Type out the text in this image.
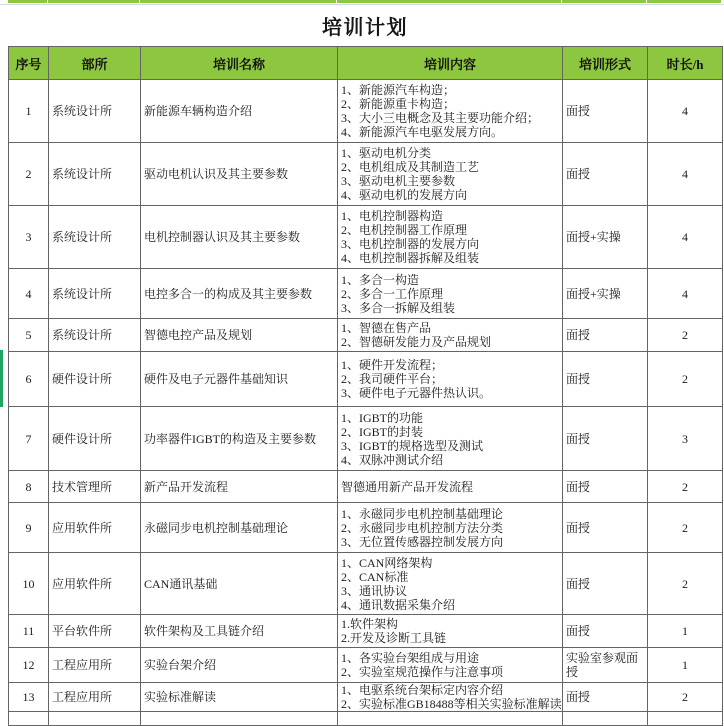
培训计划
序号	部所	培训名称	培训内容	培训形式	时长/h
1	系统设计所	新能源车辆构造介绍	1、新能源汽车构造；
2、新能源重卡构造；
3、大小三电概念及其主要功能介绍；
4、新能源汽车电驱发展方向。	面授	4
2	系统设计所	驱动电机认识及其主要参数	1、驱动电机分类
2、电机组成及其制造工艺
3、驱动电机主要参数
4、驱动电机的发展方向	面授	4
3	系统设计所	电机控制器认识及其主要参数	1、电机控制器构造
2、电机控制器工作原理
3、电机控制器的发展方向
4、电机控制器拆解及组装	面授+实操	4
4	系统设计所	电控多合一的构成及其主要参数	1、多合一构造
2、多合一工作原理
3、多合一拆解及组装	面授+实操	4
5	系统设计所	智德电控产品及规划	1、智德在售产品
2、智德研发能力及产品规划	面授	2
6	硬件设计所	硬件及电子元器件基础知识	1、硬件开发流程；
2、我司硬件平台；
3、硬件电子元器件热认识。	面授	2
7	硬件设计所	功率器件IGBT的构造及主要参数	1、IGBT的功能
2、IGBT的封装
3、IGBT的规格选型及测试
4、双脉冲测试介绍	面授	3
8	技术管理所	新产品开发流程	智德通用新产品开发流程	面授	2
9	应用软件所	永磁同步电机控制基础理论	1、永磁同步电机控制基础理论
2、永磁同步电机控制方法分类
3、无位置传感器控制发展方向	面授	2
10	应用软件所	CAN通讯基础	1、CAN网络架构
2、CAN标准
3、通讯协议
4、通讯数据采集介绍	面授	2
11	平台软件所	软件架构及工具链介绍	1.软件架构
2.开发及诊断工具链	面授	1
12	工程应用所	实验台架介绍	1、各实验台架组成与用途
2、实验室规范操作与注意事项	实验室参观面授	1
13	工程应用所	实验标准解读	1、电驱系统台架标定内容介绍
2、实验标准GB18488等相关实验标准解读	面授	2
